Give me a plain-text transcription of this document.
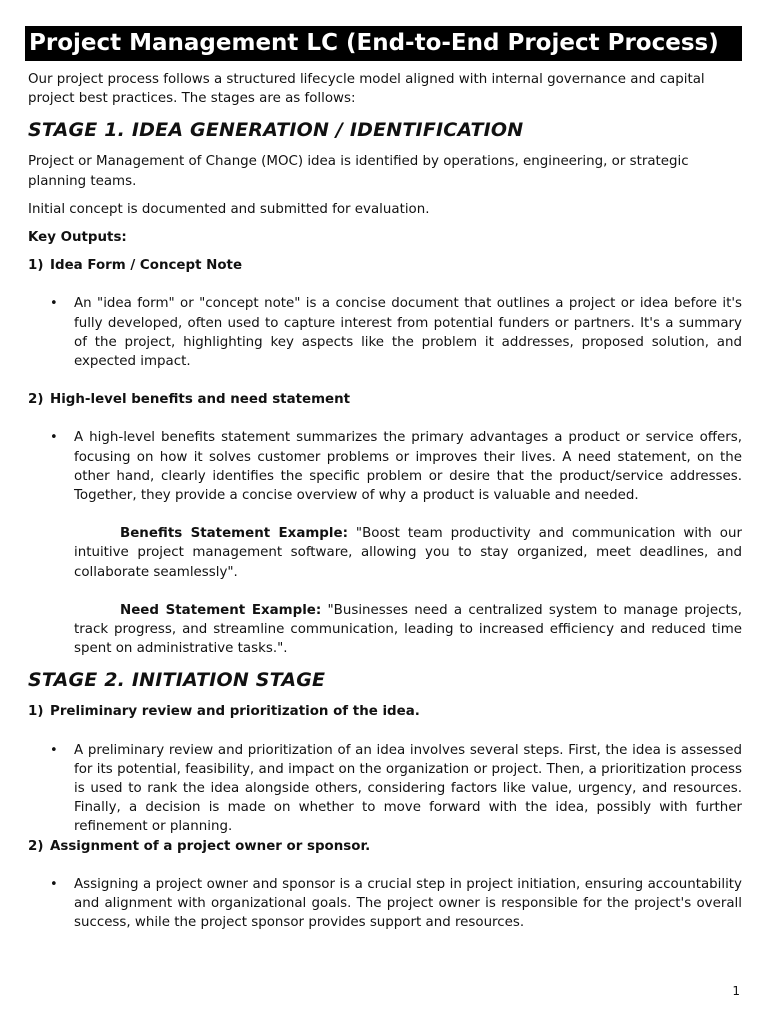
Project Management LC (End-to-End Project Process)

Our project process follows a structured lifecycle model aligned with internal governance and capital project best practices. The stages are as follows:

STAGE 1. IDEA GENERATION / IDENTIFICATION

Project or Management of Change (MOC) idea is identified by operations, engineering, or strategic planning teams.

Initial concept is documented and submitted for evaluation.

Key Outputs:

1) Idea Form / Concept Note
•	An "idea form" or "concept note" is a concise document that outlines a project or idea before it's fully developed, often used to capture interest from potential funders or partners. It's a summary of the project, highlighting key aspects like the problem it addresses, proposed solution, and expected impact.

2) High-level benefits and need statement
•	A high-level benefits statement summarizes the primary advantages a product or service offers, focusing on how it solves customer problems or improves their lives. A need statement, on the other hand, clearly identifies the specific problem or desire that the product/service addresses. Together, they provide a concise overview of why a product is valuable and needed.

Benefits Statement Example: "Boost team productivity and communication with our intuitive project management software, allowing you to stay organized, meet deadlines, and collaborate seamlessly".

Need Statement Example: "Businesses need a centralized system to manage projects, track progress, and streamline communication, leading to increased efficiency and reduced time spent on administrative tasks.".

STAGE 2. INITIATION STAGE
1) Preliminary review and prioritization of the idea.
•	A preliminary review and prioritization of an idea involves several steps. First, the idea is assessed for its potential, feasibility, and impact on the organization or project. Then, a prioritization process is used to rank the idea alongside others, considering factors like value, urgency, and resources. Finally, a decision is made on whether to move forward with the idea, possibly with further refinement or planning.

2) Assignment of a project owner or sponsor.
•	Assigning a project owner and sponsor is a crucial step in project initiation, ensuring accountability and alignment with organizational goals. The project owner is responsible for the project's overall success, while the project sponsor provides support and resources.

1
